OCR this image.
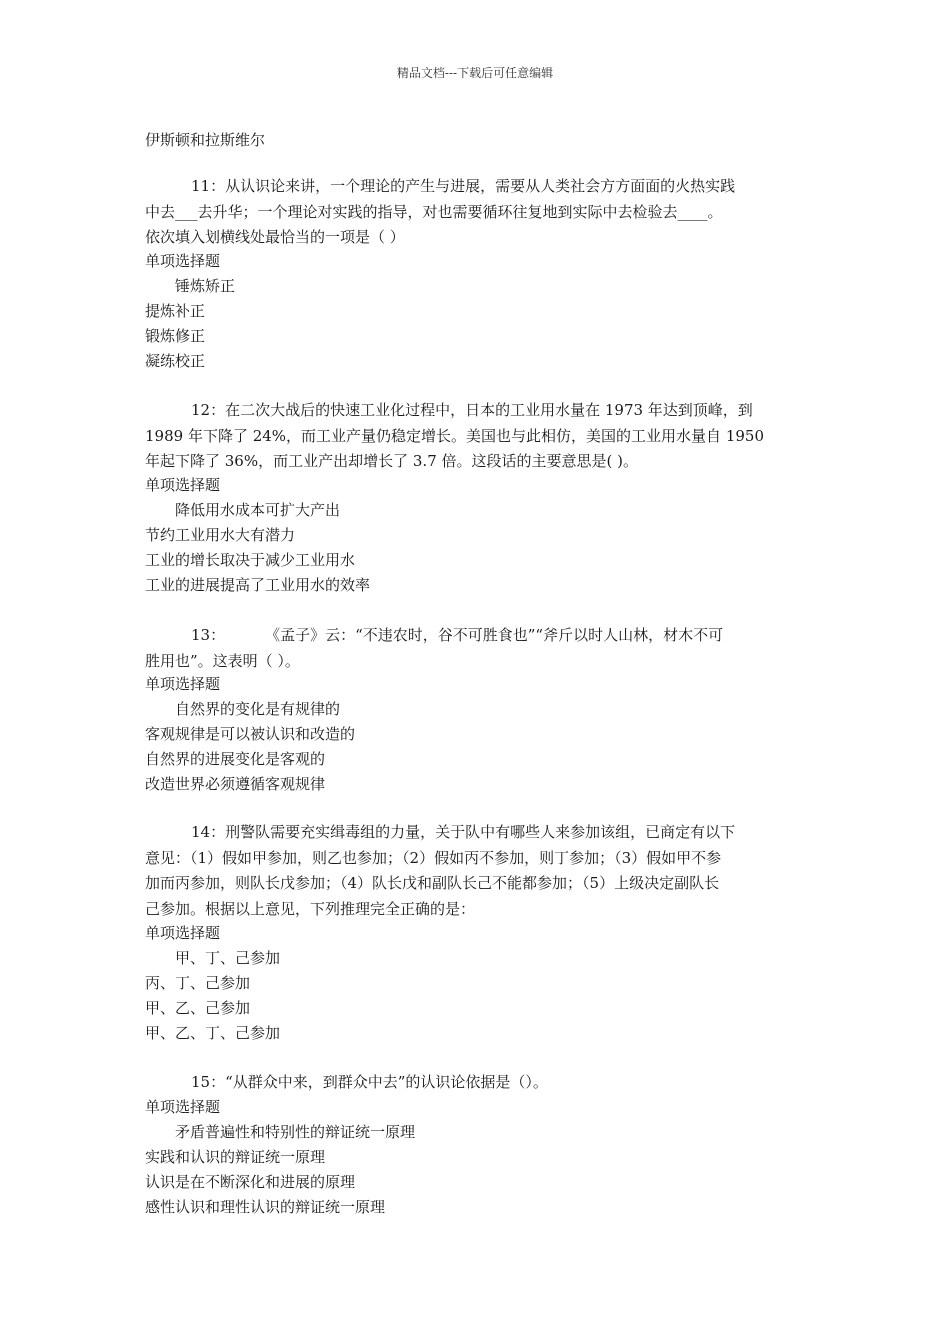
精品文档---下载后可任意编辑
伊斯顿和拉斯维尔

11：从认识论来讲，一个理论的产生与进展，需要从人类社会方方面面的火热实践

中去___去升华；一个理论对实践的指导，对也需要循环往复地到实际中去检验去____。

依次填入划横线处最恰当的一项是（ ）

单项选择题
锤炼矫正
提炼补正
锻炼修正
凝练校正

12：在二次大战后的快速工业化过程中，日本的工业用水量在 1973 年达到顶峰，到

1989 年下降了 24%，而工业产量仍稳定增长。美国也与此相仿，美国的工业用水量自 1950

年起下降了 36%，而工业产出却增长了 3.7 倍。这段话的主要意思是( )。

单项选择题
降低用水成本可扩大产出
节约工业用水大有潜力
工业的增长取决于减少工业用水
工业的进展提高了工业用水的效率

13：	《孟子》云：“不违农时，谷不可胜食也”“斧斤以时人山林，材木不可

胜用也”。这表明（ ）。

单项选择题
自然界的变化是有规律的
客观规律是可以被认识和改造的
自然界的进展变化是客观的
改造世界必须遵循客观规律

14：刑警队需要充实缉毒组的力量，关于队中有哪些人来参加该组，已商定有以下

意见：（1）假如甲参加，则乙也参加；（2）假如丙不参加，则丁参加；（3）假如甲不参

加而丙参加，则队长戊参加；（4）队长戊和副队长己不能都参加；（5）上级决定副队长

己参加。根据以上意见，下列推理完全正确的是：

单项选择题
甲、丁、己参加
丙、丁、己参加
甲、乙、己参加
甲、乙、丁、己参加

15：“从群众中来，到群众中去”的认识论依据是（）。

单项选择题
矛盾普遍性和特别性的辩证统一原理
实践和认识的辩证统一原理
认识是在不断深化和进展的原理
感性认识和理性认识的辩证统一原理
